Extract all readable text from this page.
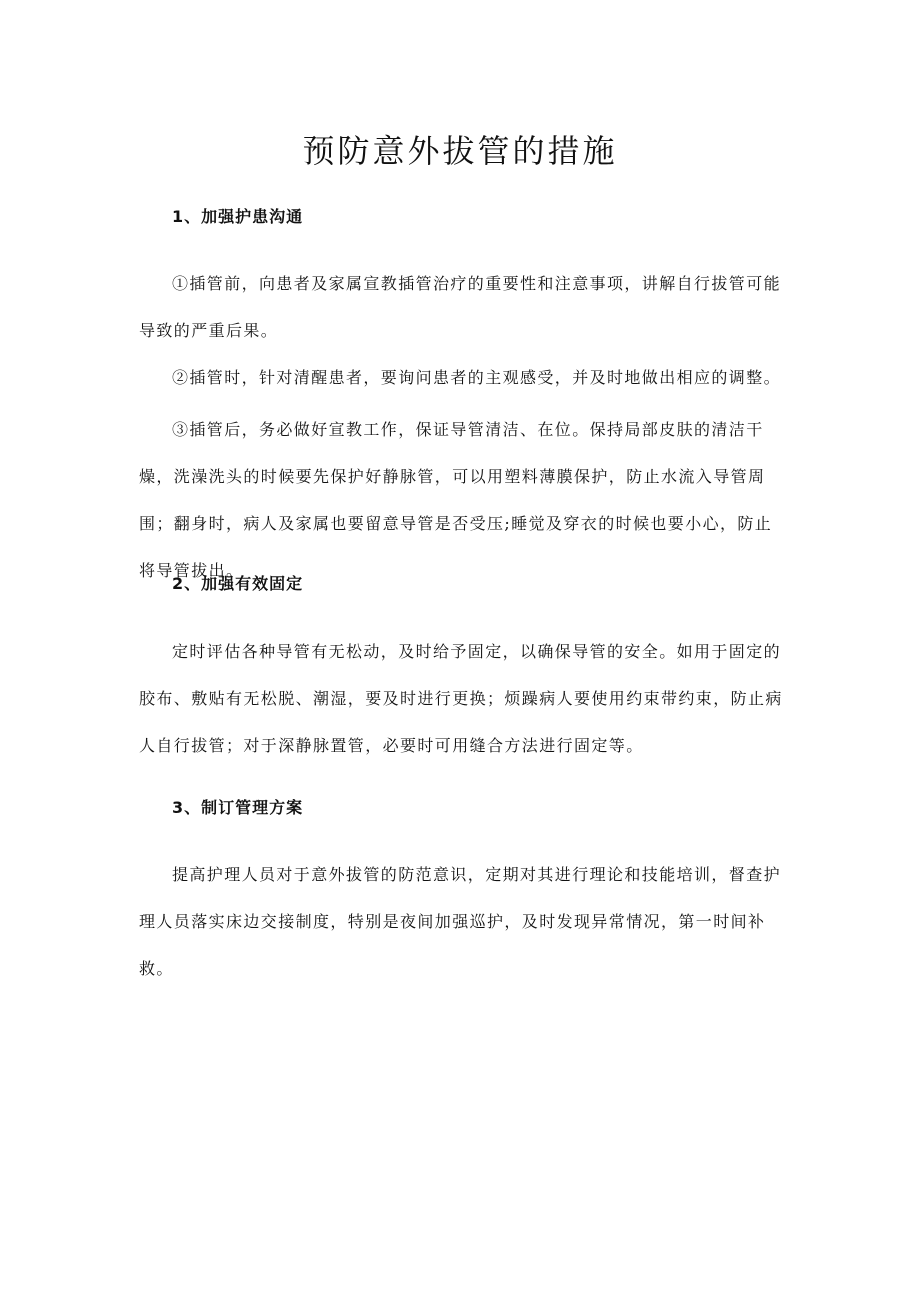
预防意外拔管的措施
1、加强护患沟通

①插管前，向患者及家属宣教插管治疗的重要性和注意事项，讲解自行拔管可能导致的严重后果。

②插管时，针对清醒患者，要询问患者的主观感受，并及时地做出相应的调整。

③插管后，务必做好宣教工作，保证导管清洁、在位。保持局部皮肤的清洁干燥，洗澡洗头的时候要先保护好静脉管，可以用塑料薄膜保护，防止水流入导管周围；翻身时，病人及家属也要留意导管是否受压;睡觉及穿衣的时候也要小心，防止将导管拔出。

2、加强有效固定

定时评估各种导管有无松动，及时给予固定，以确保导管的安全。如用于固定的胶布、敷贴有无松脱、潮湿，要及时进行更换；烦躁病人要使用约束带约束，防止病人自行拔管；对于深静脉置管，必要时可用缝合方法进行固定等。

3、制订管理方案

提高护理人员对于意外拔管的防范意识，定期对其进行理论和技能培训，督查护理人员落实床边交接制度，特别是夜间加强巡护，及时发现异常情况，第一时间补救。
